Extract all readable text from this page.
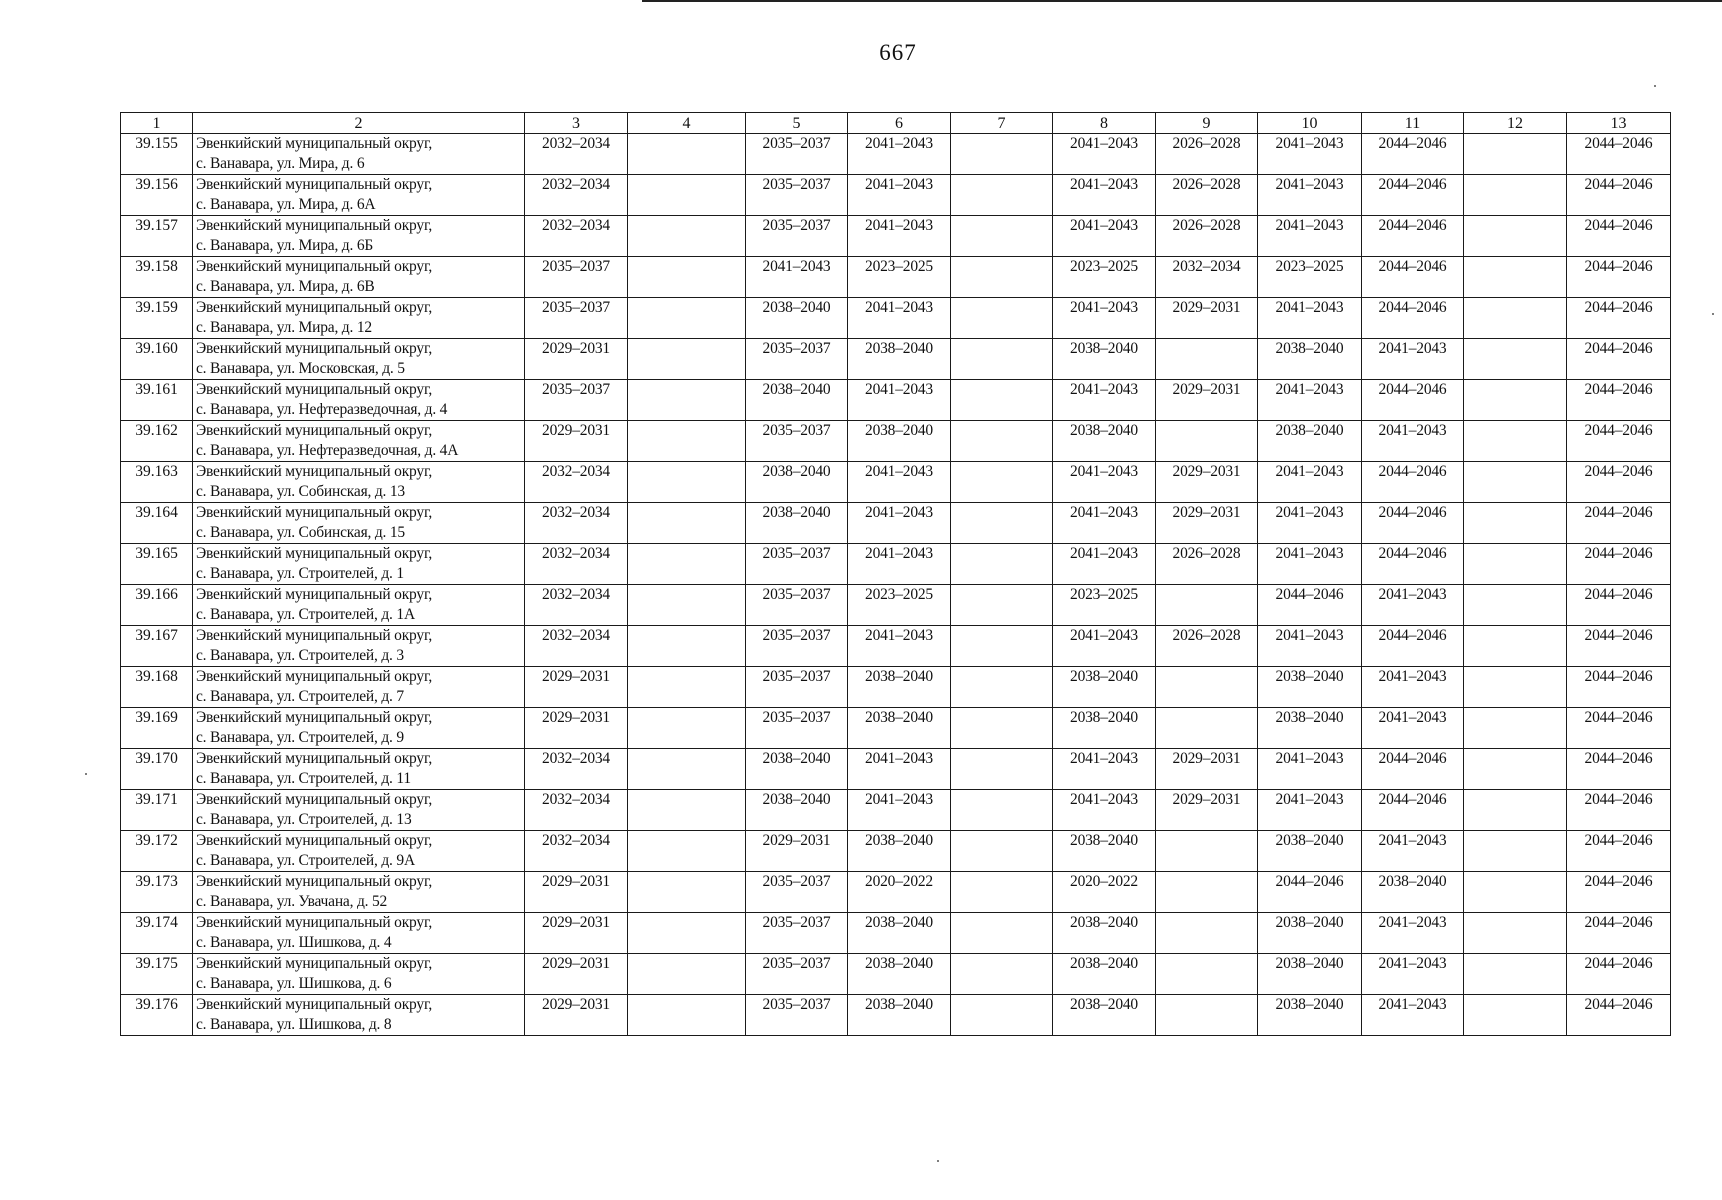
667
1	2	3	4	5	6	7	8	9	10	11	12	13
39.155	Эвенкийский муниципальный округ,
с. Ванавара, ул. Мира, д. 6	2032–2034		2035–2037	2041–2043		2041–2043	2026–2028	2041–2043	2044–2046		2044–2046
39.156	Эвенкийский муниципальный округ,
с. Ванавара, ул. Мира, д. 6А	2032–2034		2035–2037	2041–2043		2041–2043	2026–2028	2041–2043	2044–2046		2044–2046
39.157	Эвенкийский муниципальный округ,
с. Ванавара, ул. Мира, д. 6Б	2032–2034		2035–2037	2041–2043		2041–2043	2026–2028	2041–2043	2044–2046		2044–2046
39.158	Эвенкийский муниципальный округ,
с. Ванавара, ул. Мира, д. 6В	2035–2037		2041–2043	2023–2025		2023–2025	2032–2034	2023–2025	2044–2046		2044–2046
39.159	Эвенкийский муниципальный округ,
с. Ванавара, ул. Мира, д. 12	2035–2037		2038–2040	2041–2043		2041–2043	2029–2031	2041–2043	2044–2046		2044–2046
39.160	Эвенкийский муниципальный округ,
с. Ванавара, ул. Московская, д. 5	2029–2031		2035–2037	2038–2040		2038–2040		2038–2040	2041–2043		2044–2046
39.161	Эвенкийский муниципальный округ,
с. Ванавара, ул. Нефтеразведочная, д. 4	2035–2037		2038–2040	2041–2043		2041–2043	2029–2031	2041–2043	2044–2046		2044–2046
39.162	Эвенкийский муниципальный округ,
с. Ванавара, ул. Нефтеразведочная, д. 4А	2029–2031		2035–2037	2038–2040		2038–2040		2038–2040	2041–2043		2044–2046
39.163	Эвенкийский муниципальный округ,
с. Ванавара, ул. Собинская, д. 13	2032–2034		2038–2040	2041–2043		2041–2043	2029–2031	2041–2043	2044–2046		2044–2046
39.164	Эвенкийский муниципальный округ,
с. Ванавара, ул. Собинская, д. 15	2032–2034		2038–2040	2041–2043		2041–2043	2029–2031	2041–2043	2044–2046		2044–2046
39.165	Эвенкийский муниципальный округ,
с. Ванавара, ул. Строителей, д. 1	2032–2034		2035–2037	2041–2043		2041–2043	2026–2028	2041–2043	2044–2046		2044–2046
39.166	Эвенкийский муниципальный округ,
с. Ванавара, ул. Строителей, д. 1А	2032–2034		2035–2037	2023–2025		2023–2025		2044–2046	2041–2043		2044–2046
39.167	Эвенкийский муниципальный округ,
с. Ванавара, ул. Строителей, д. 3	2032–2034		2035–2037	2041–2043		2041–2043	2026–2028	2041–2043	2044–2046		2044–2046
39.168	Эвенкийский муниципальный округ,
с. Ванавара, ул. Строителей, д. 7	2029–2031		2035–2037	2038–2040		2038–2040		2038–2040	2041–2043		2044–2046
39.169	Эвенкийский муниципальный округ,
с. Ванавара, ул. Строителей, д. 9	2029–2031		2035–2037	2038–2040		2038–2040		2038–2040	2041–2043		2044–2046
39.170	Эвенкийский муниципальный округ,
с. Ванавара, ул. Строителей, д. 11	2032–2034		2038–2040	2041–2043		2041–2043	2029–2031	2041–2043	2044–2046		2044–2046
39.171	Эвенкийский муниципальный округ,
с. Ванавара, ул. Строителей, д. 13	2032–2034		2038–2040	2041–2043		2041–2043	2029–2031	2041–2043	2044–2046		2044–2046
39.172	Эвенкийский муниципальный округ,
с. Ванавара, ул. Строителей, д. 9А	2032–2034		2029–2031	2038–2040		2038–2040		2038–2040	2041–2043		2044–2046
39.173	Эвенкийский муниципальный округ,
с. Ванавара, ул. Увачана, д. 52	2029–2031		2035–2037	2020–2022		2020–2022		2044–2046	2038–2040		2044–2046
39.174	Эвенкийский муниципальный округ,
с. Ванавара, ул. Шишкова, д. 4	2029–2031		2035–2037	2038–2040		2038–2040		2038–2040	2041–2043		2044–2046
39.175	Эвенкийский муниципальный округ,
с. Ванавара, ул. Шишкова, д. 6	2029–2031		2035–2037	2038–2040		2038–2040		2038–2040	2041–2043		2044–2046
39.176	Эвенкийский муниципальный округ,
с. Ванавара, ул. Шишкова, д. 8	2029–2031		2035–2037	2038–2040		2038–2040		2038–2040	2041–2043		2044–2046
